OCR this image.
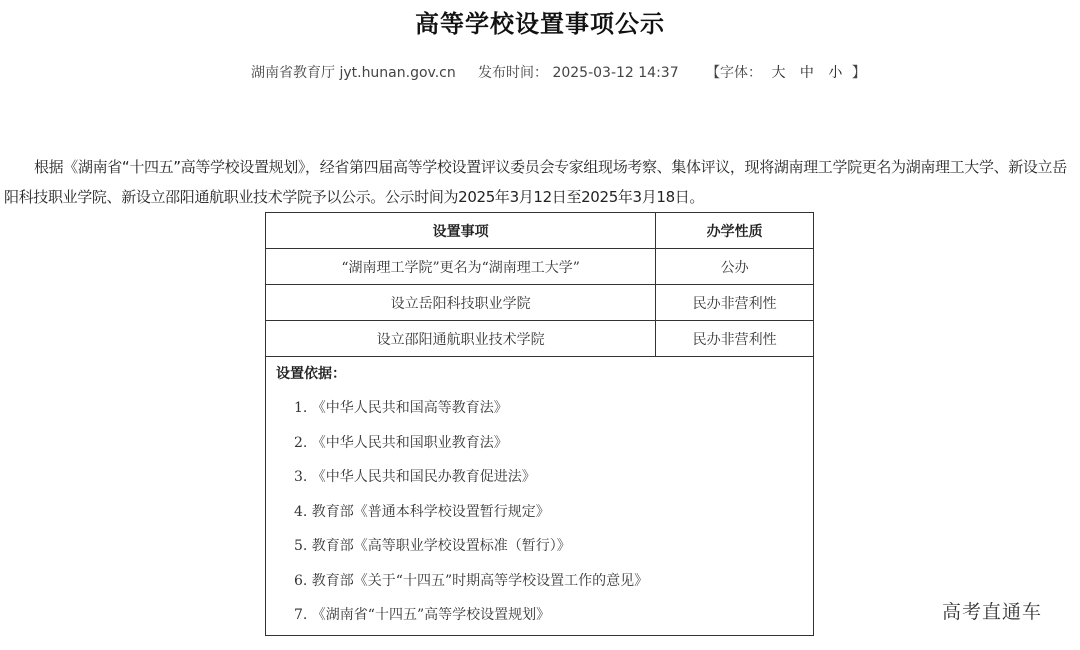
高等学校设置事项公示
湖南省教育厅 jyt.hunan.gov.cn 发布时间： 2025-03-12 14:37 【字体： 大 中 小 】
根据《湖南省“十四五”高等学校设置规划》，经省第四届高等学校设置评议委员会专家组现场考察、集体评议，现将湖南理工学院更名为湖南理工大学、新设立岳阳科技职业学院、新设立邵阳通航职业技术学院予以公示。公示时间为2025年3月12日至2025年3月18日。
设置事项	办学性质
“湖南理工学院”更名为“湖南理工大学”	公办
设立岳阳科技职业学院	民办非营利性
设立邵阳通航职业技术学院	民办非营利性
设置依据：
1. 《中华人民共和国高等教育法》
2. 《中华人民共和国职业教育法》
3. 《中华人民共和国民办教育促进法》
4. 教育部《普通本科学校设置暂行规定》
5. 教育部《高等职业学校设置标准（暂行）》
6. 教育部《关于“十四五”时期高等学校设置工作的意见》
7. 《湖南省“十四五”高等学校设置规划》	高考直通车
